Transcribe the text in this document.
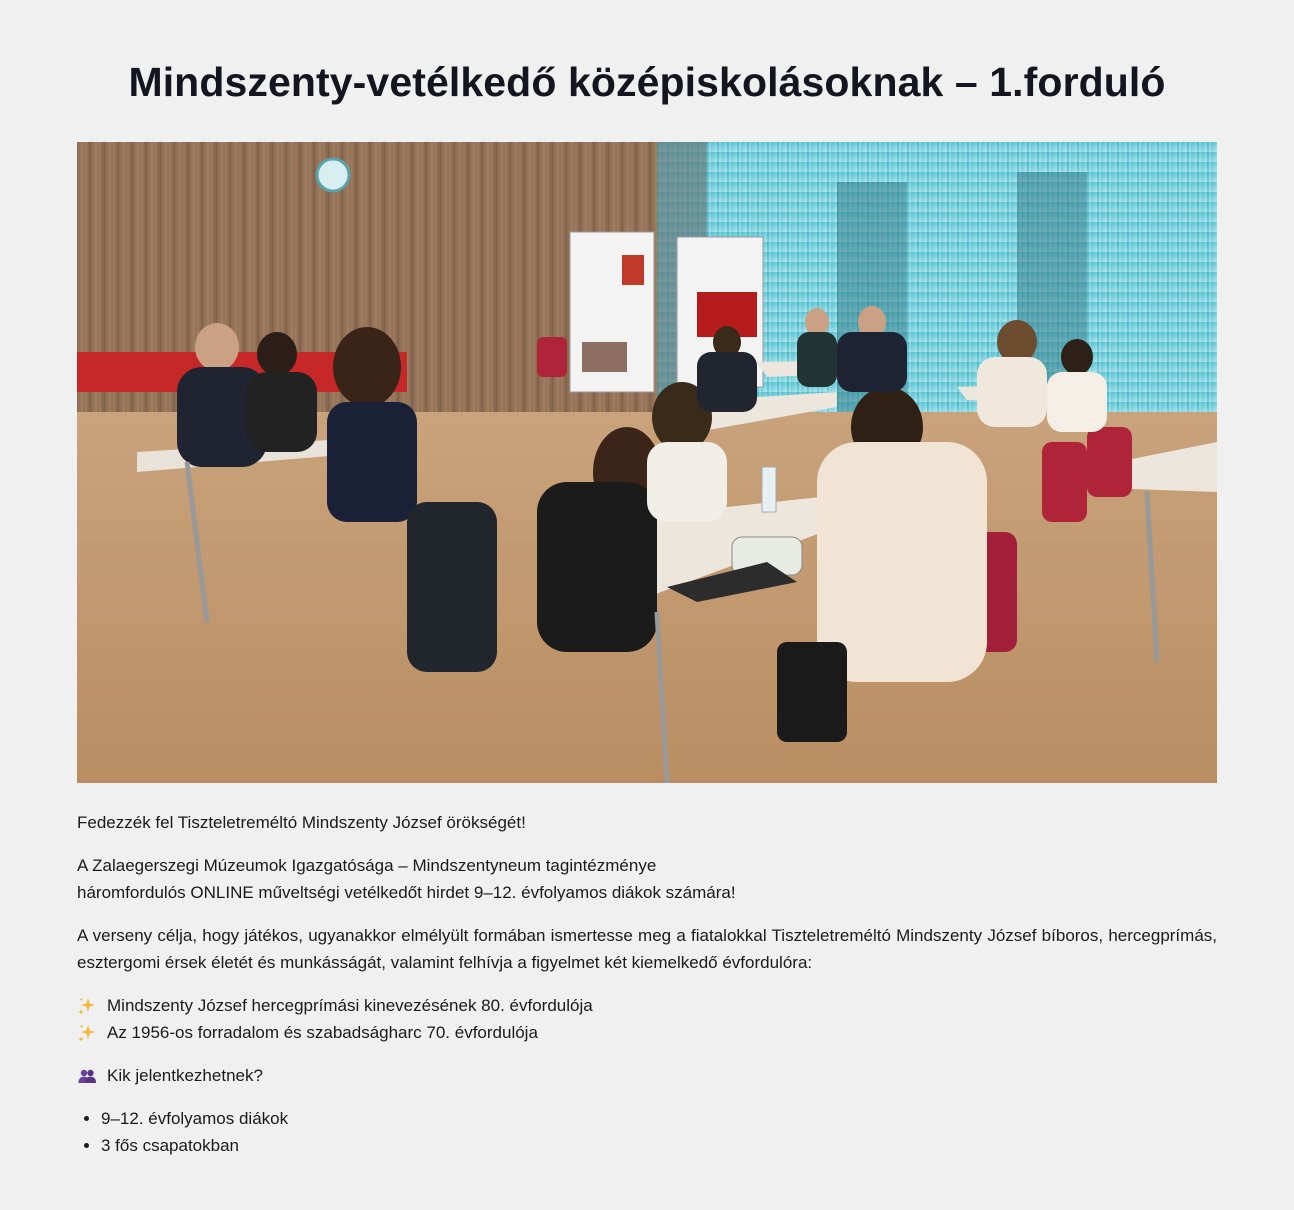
Mindszenty-vetélkedő középiskolásoknak – 1.forduló

Fedezzék fel Tiszteletreméltó Mindszenty József örökségét!

A Zalaegerszegi Múzeumok Igazgatósága – Mindszentyneum tagintézménye
háromfordulós ONLINE műveltségi vetélkedőt hirdet 9–12. évfolyamos diákok számára!

A verseny célja, hogy játékos, ugyanakkor elmélyült formában ismertesse meg a fiatalokkal Tiszteletreméltó Mindszenty József bíboros, hercegprímás, esztergomi érsek életét és munkásságát, valamint felhívja a figyelmet két kiemelkedő évfordulóra:

Mindszenty József hercegprímási kinevezésének 80. évfordulója
Az 1956-os forradalom és szabadságharc 70. évfordulója

Kik jelentkezhetnek?

• 9–12. évfolyamos diákok
• 3 fős csapatokban
